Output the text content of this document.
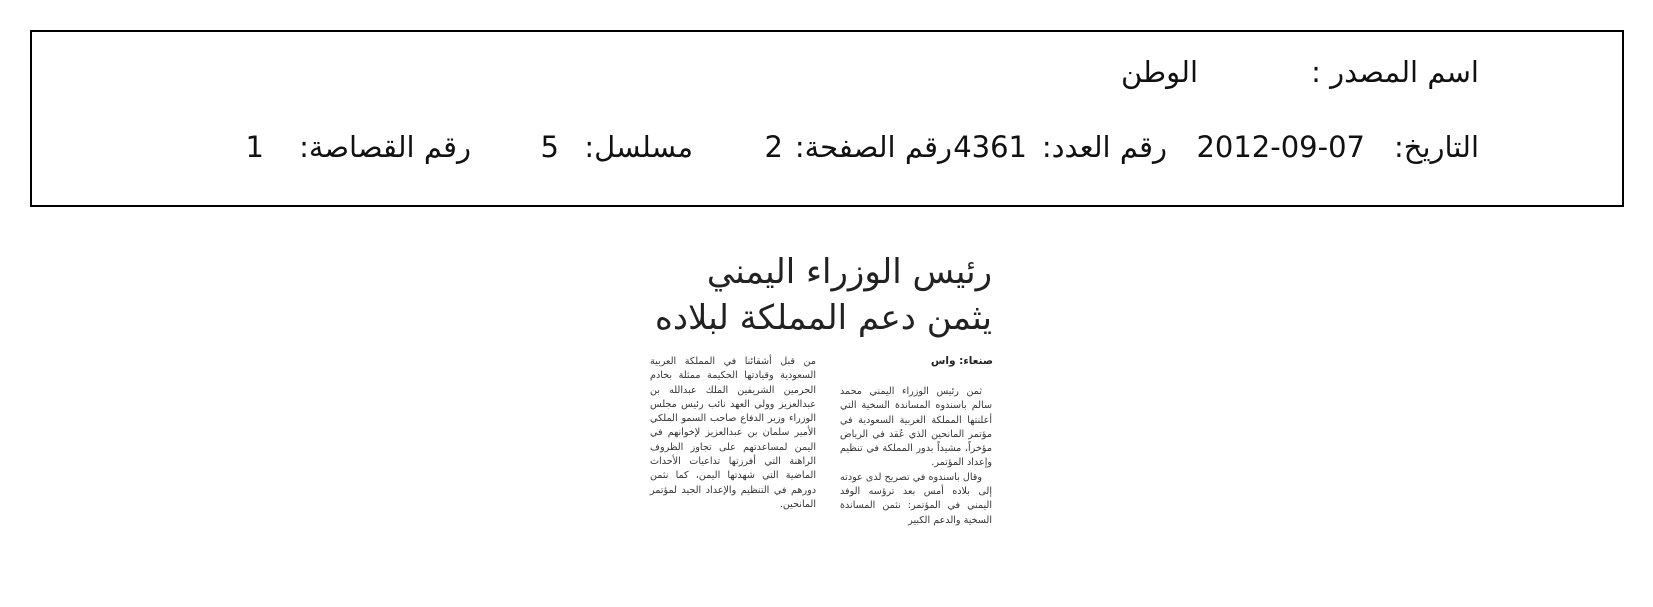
اسم المصدر :
الوطن
التاريخ:
2012-09-07
رقم العدد:
4361
رقم الصفحة:
2
مسلسل:
5
رقم القصاصة:
1
رئيس الوزراء اليمني
يثمن دعم المملكة لبلاده
صنعاء: واس

ثمن رئيس الوزراء اليمني محمد سالم باسندوه المساندة السخية التي أعلنتها المملكة العربية السعودية في مؤتمر المانحين الذي عُقد في الرياض مؤخراً، مشيداً بدور المملكة في تنظيم وإعداد المؤتمر.

وقال باسندوه في تصريح لدى عودته إلى بلاده أمس بعد ترؤسه الوفد اليمني في المؤتمر: نثمن المساندة السخية والدعم الكبير

من قبل أشقائنا في المملكة العربية السعودية وقيادتها الحكيمة ممثلة بخادم الحرمين الشريفين الملك عبدالله بن عبدالعزيز وولي العهد نائب رئيس مجلس الوزراء وزير الدفاع صاحب السمو الملكي الأمير سلمان بن عبدالعزيز لإخوانهم في اليمن لمساعدتهم على تجاوز الظروف الراهنة التي أفرزتها تداعيات الأحداث الماضية التي شهدتها اليمن، كما نثمن دورهم في التنظيم والإعداد الجيد لمؤتمر المانحين.
